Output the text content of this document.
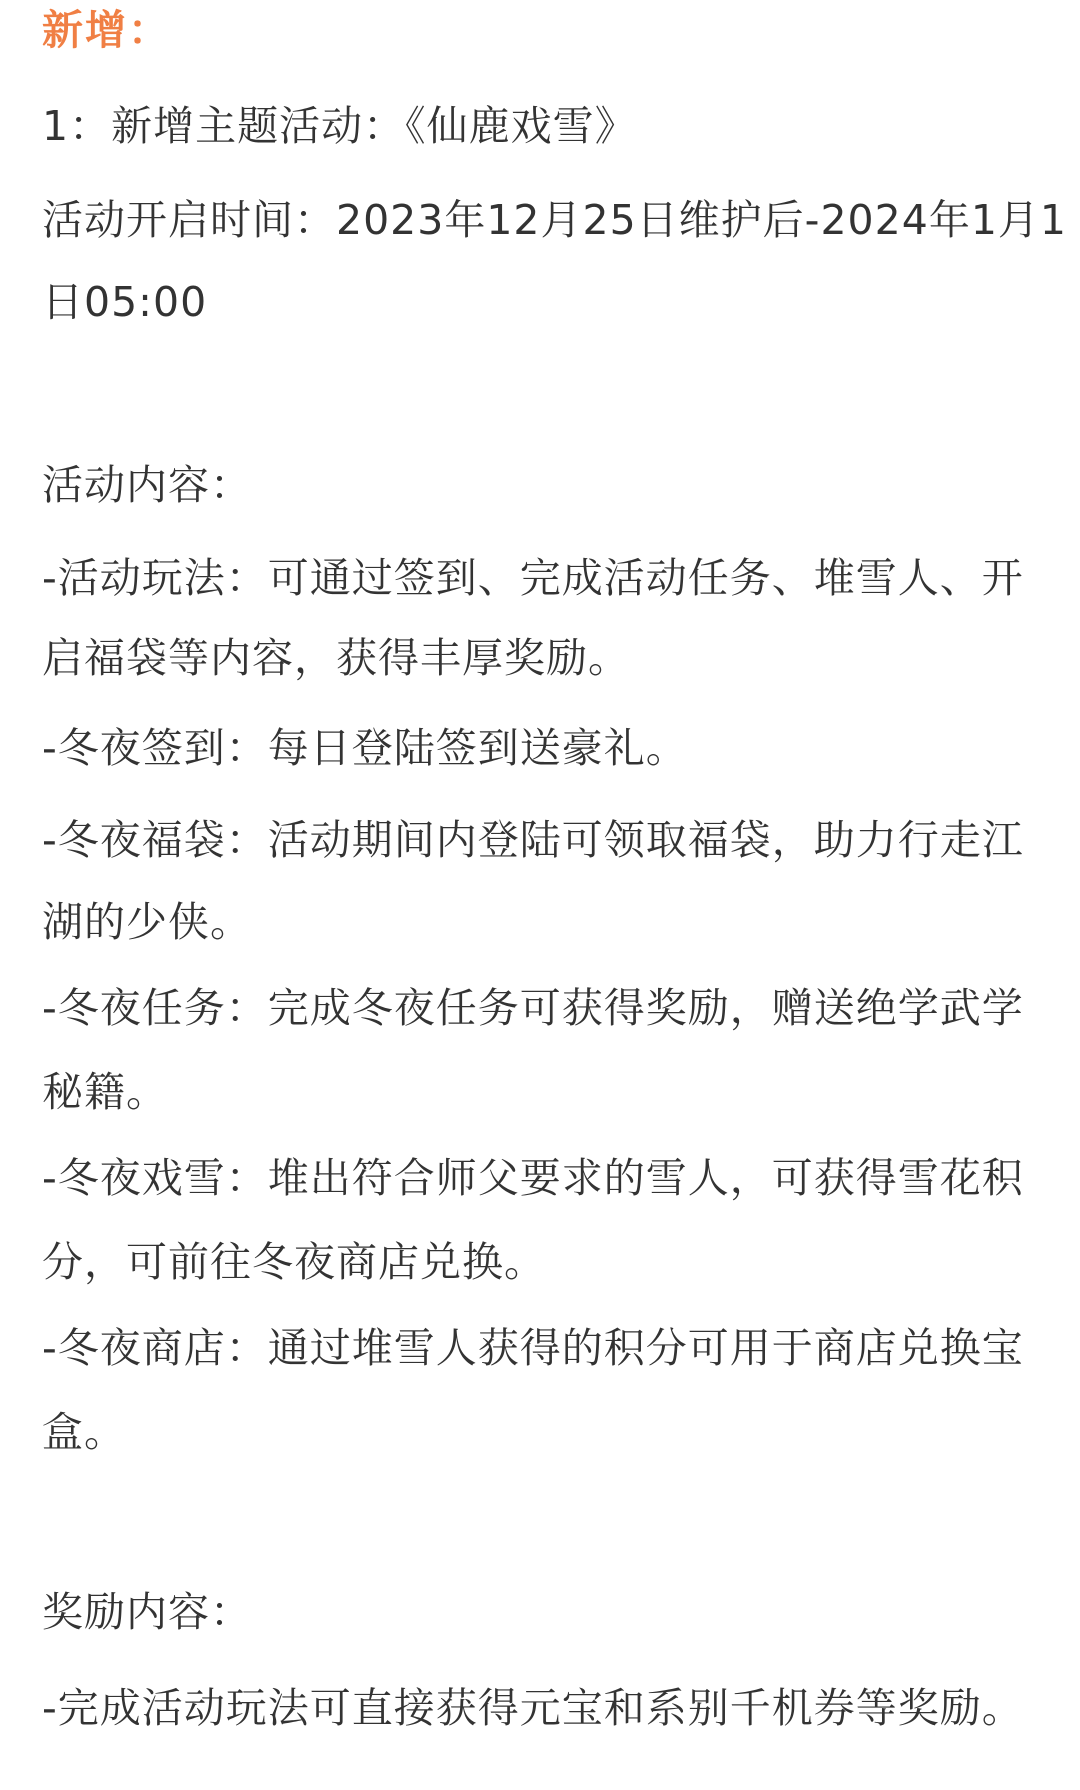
新增：
1：新增主题活动：《仙鹿戏雪》
活动开启时间：2023年12月25日维护后-2024年1月1
日05:00
活动内容：
-活动玩法：可通过签到、完成活动任务、堆雪人、开
启福袋等内容，获得丰厚奖励。
-冬夜签到：每日登陆签到送豪礼。
-冬夜福袋：活动期间内登陆可领取福袋，助力行走江
湖的少侠。
-冬夜任务：完成冬夜任务可获得奖励，赠送绝学武学
秘籍。
-冬夜戏雪：堆出符合师父要求的雪人，可获得雪花积
分，可前往冬夜商店兑换。
-冬夜商店：通过堆雪人获得的积分可用于商店兑换宝
盒。
奖励内容：
-完成活动玩法可直接获得元宝和系别千机券等奖励。
